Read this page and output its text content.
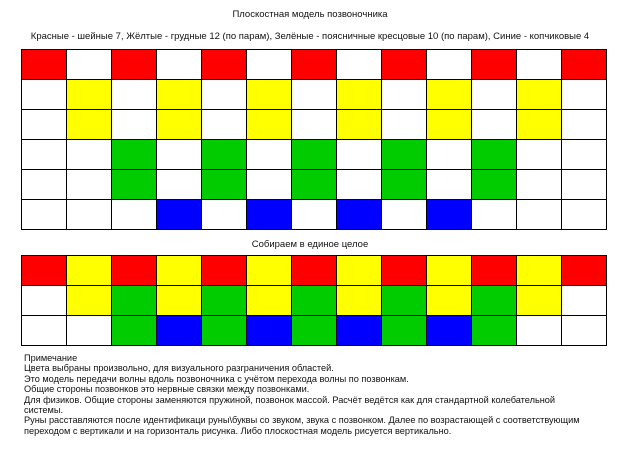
Плоскостная модель позвоночника
Красные - шейные 7, Жёлтые - грудные 12 (по парам), Зелёные - поясничные кресцовые 10 (по парам), Синие - копчиковые 4
Собираем в единое целое
Примечание
Цвета выбраны произвольно, для визуального разграничения областей.
Это модель передачи волны вдоль позвоночника с учётом перехода волны по позвонкам.
Общие стороны позвонков это нервные связки между позвонками.
Для физиков. Общие стороны заменяются пружиной, позвонок массой. Расчёт ведётся как для стандартной колебательной
системы.
Руны расставляются после идентификаци руны\буквы со звуком, звука с позвонком. Далее по возрастающей с соответствующим
переходом с вертикали и на горизонталь рисунка. Либо плоскостная модель рисуется вертикально.
